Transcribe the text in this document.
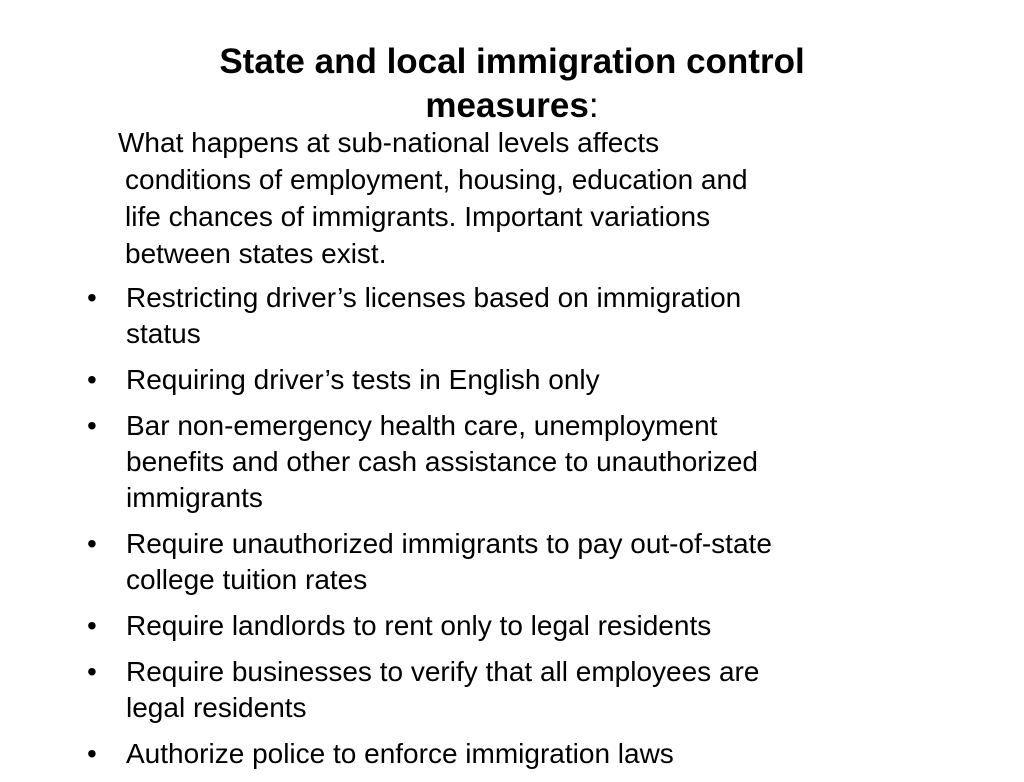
State and local immigration control
measures:

What happens at sub-national levels affects
conditions of employment, housing, education and
life chances of immigrants. Important variations
between states exist.

• Restricting driver’s licenses based on immigration
status
• Requiring driver’s tests in English only
• Bar non-emergency health care, unemployment
benefits and other cash assistance to unauthorized
immigrants
• Require unauthorized immigrants to pay out-of-state
college tuition rates
• Require landlords to rent only to legal residents
• Require businesses to verify that all employees are
legal residents
• Authorize police to enforce immigration laws
